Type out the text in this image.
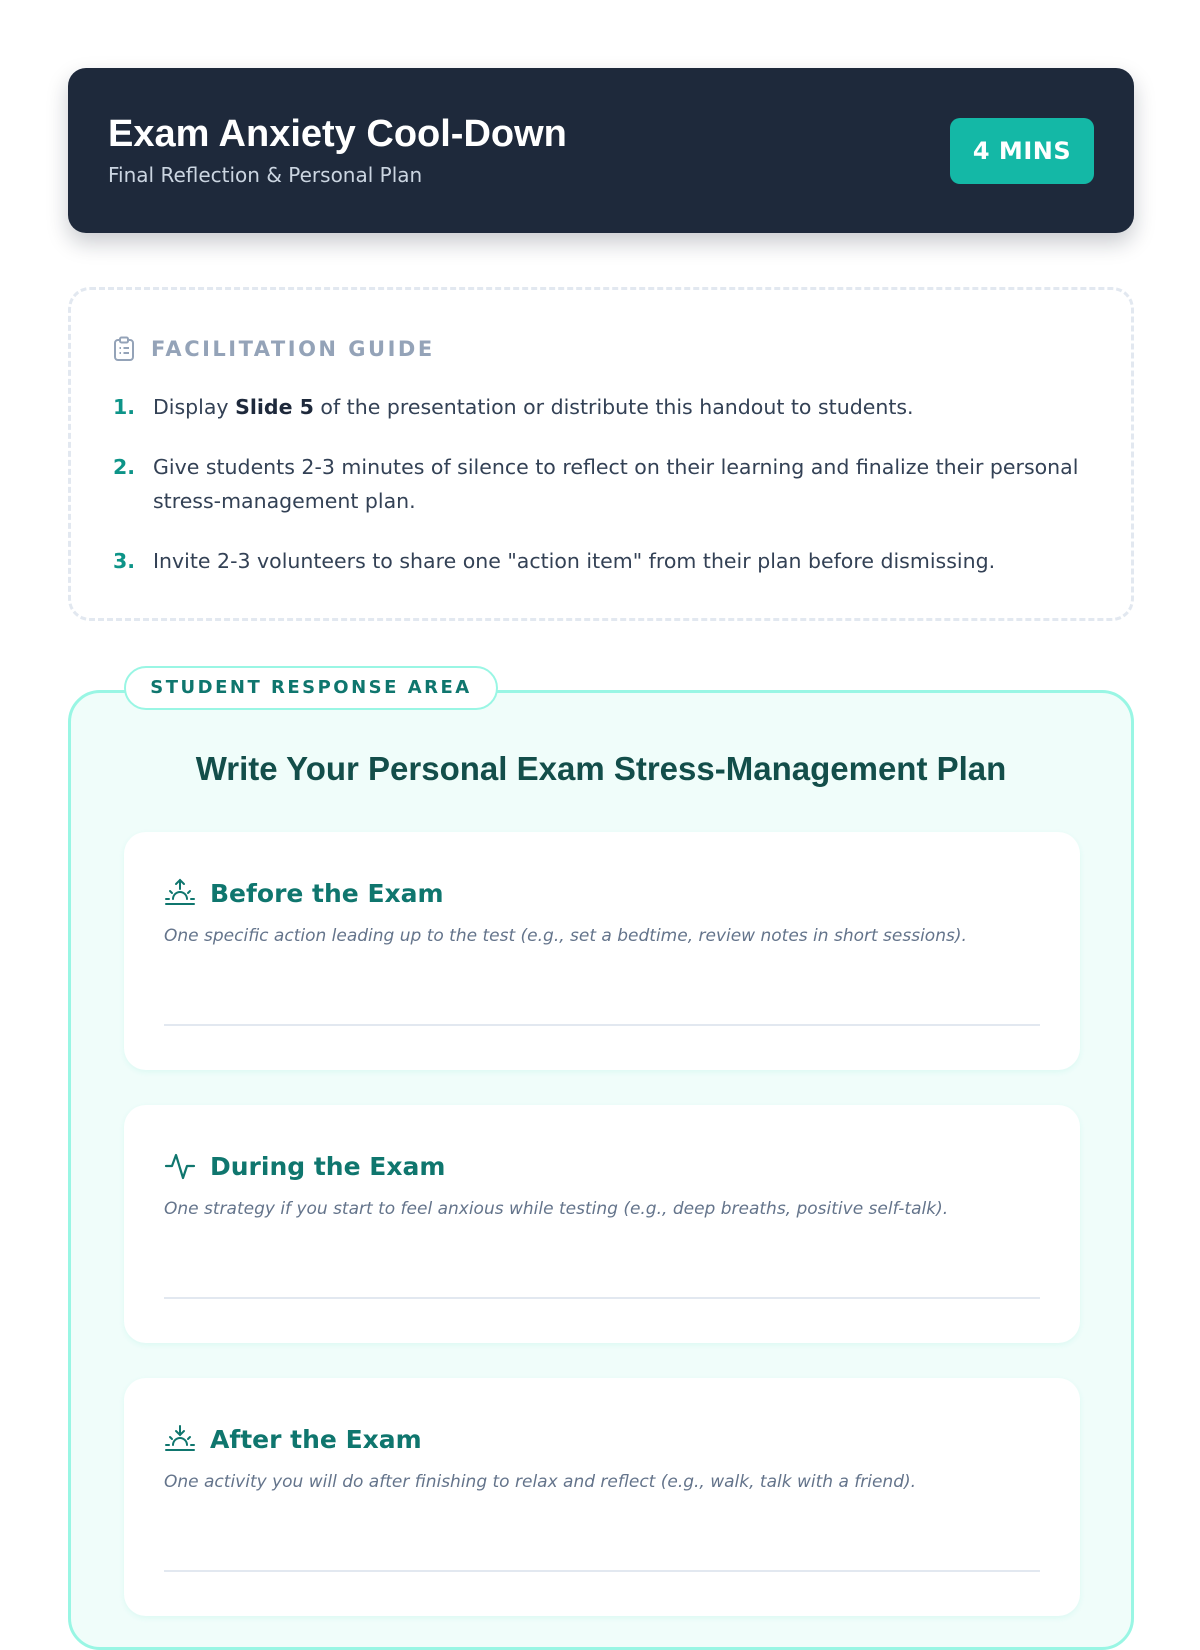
Exam Anxiety Cool-Down
Final Reflection & Personal Plan
4 MINS
FACILITATION GUIDE
1. Display Slide 5 of the presentation or distribute this handout to students.
2. Give students 2-3 minutes of silence to reflect on their learning and finalize their personal stress-management plan.
3. Invite 2-3 volunteers to share one "action item" from their plan before dismissing.
STUDENT RESPONSE AREA
Write Your Personal Exam Stress-Management Plan
Before the Exam
One specific action leading up to the test (e.g., set a bedtime, review notes in short sessions).
During the Exam
One strategy if you start to feel anxious while testing (e.g., deep breaths, positive self-talk).
After the Exam
One activity you will do after finishing to relax and reflect (e.g., walk, talk with a friend).
